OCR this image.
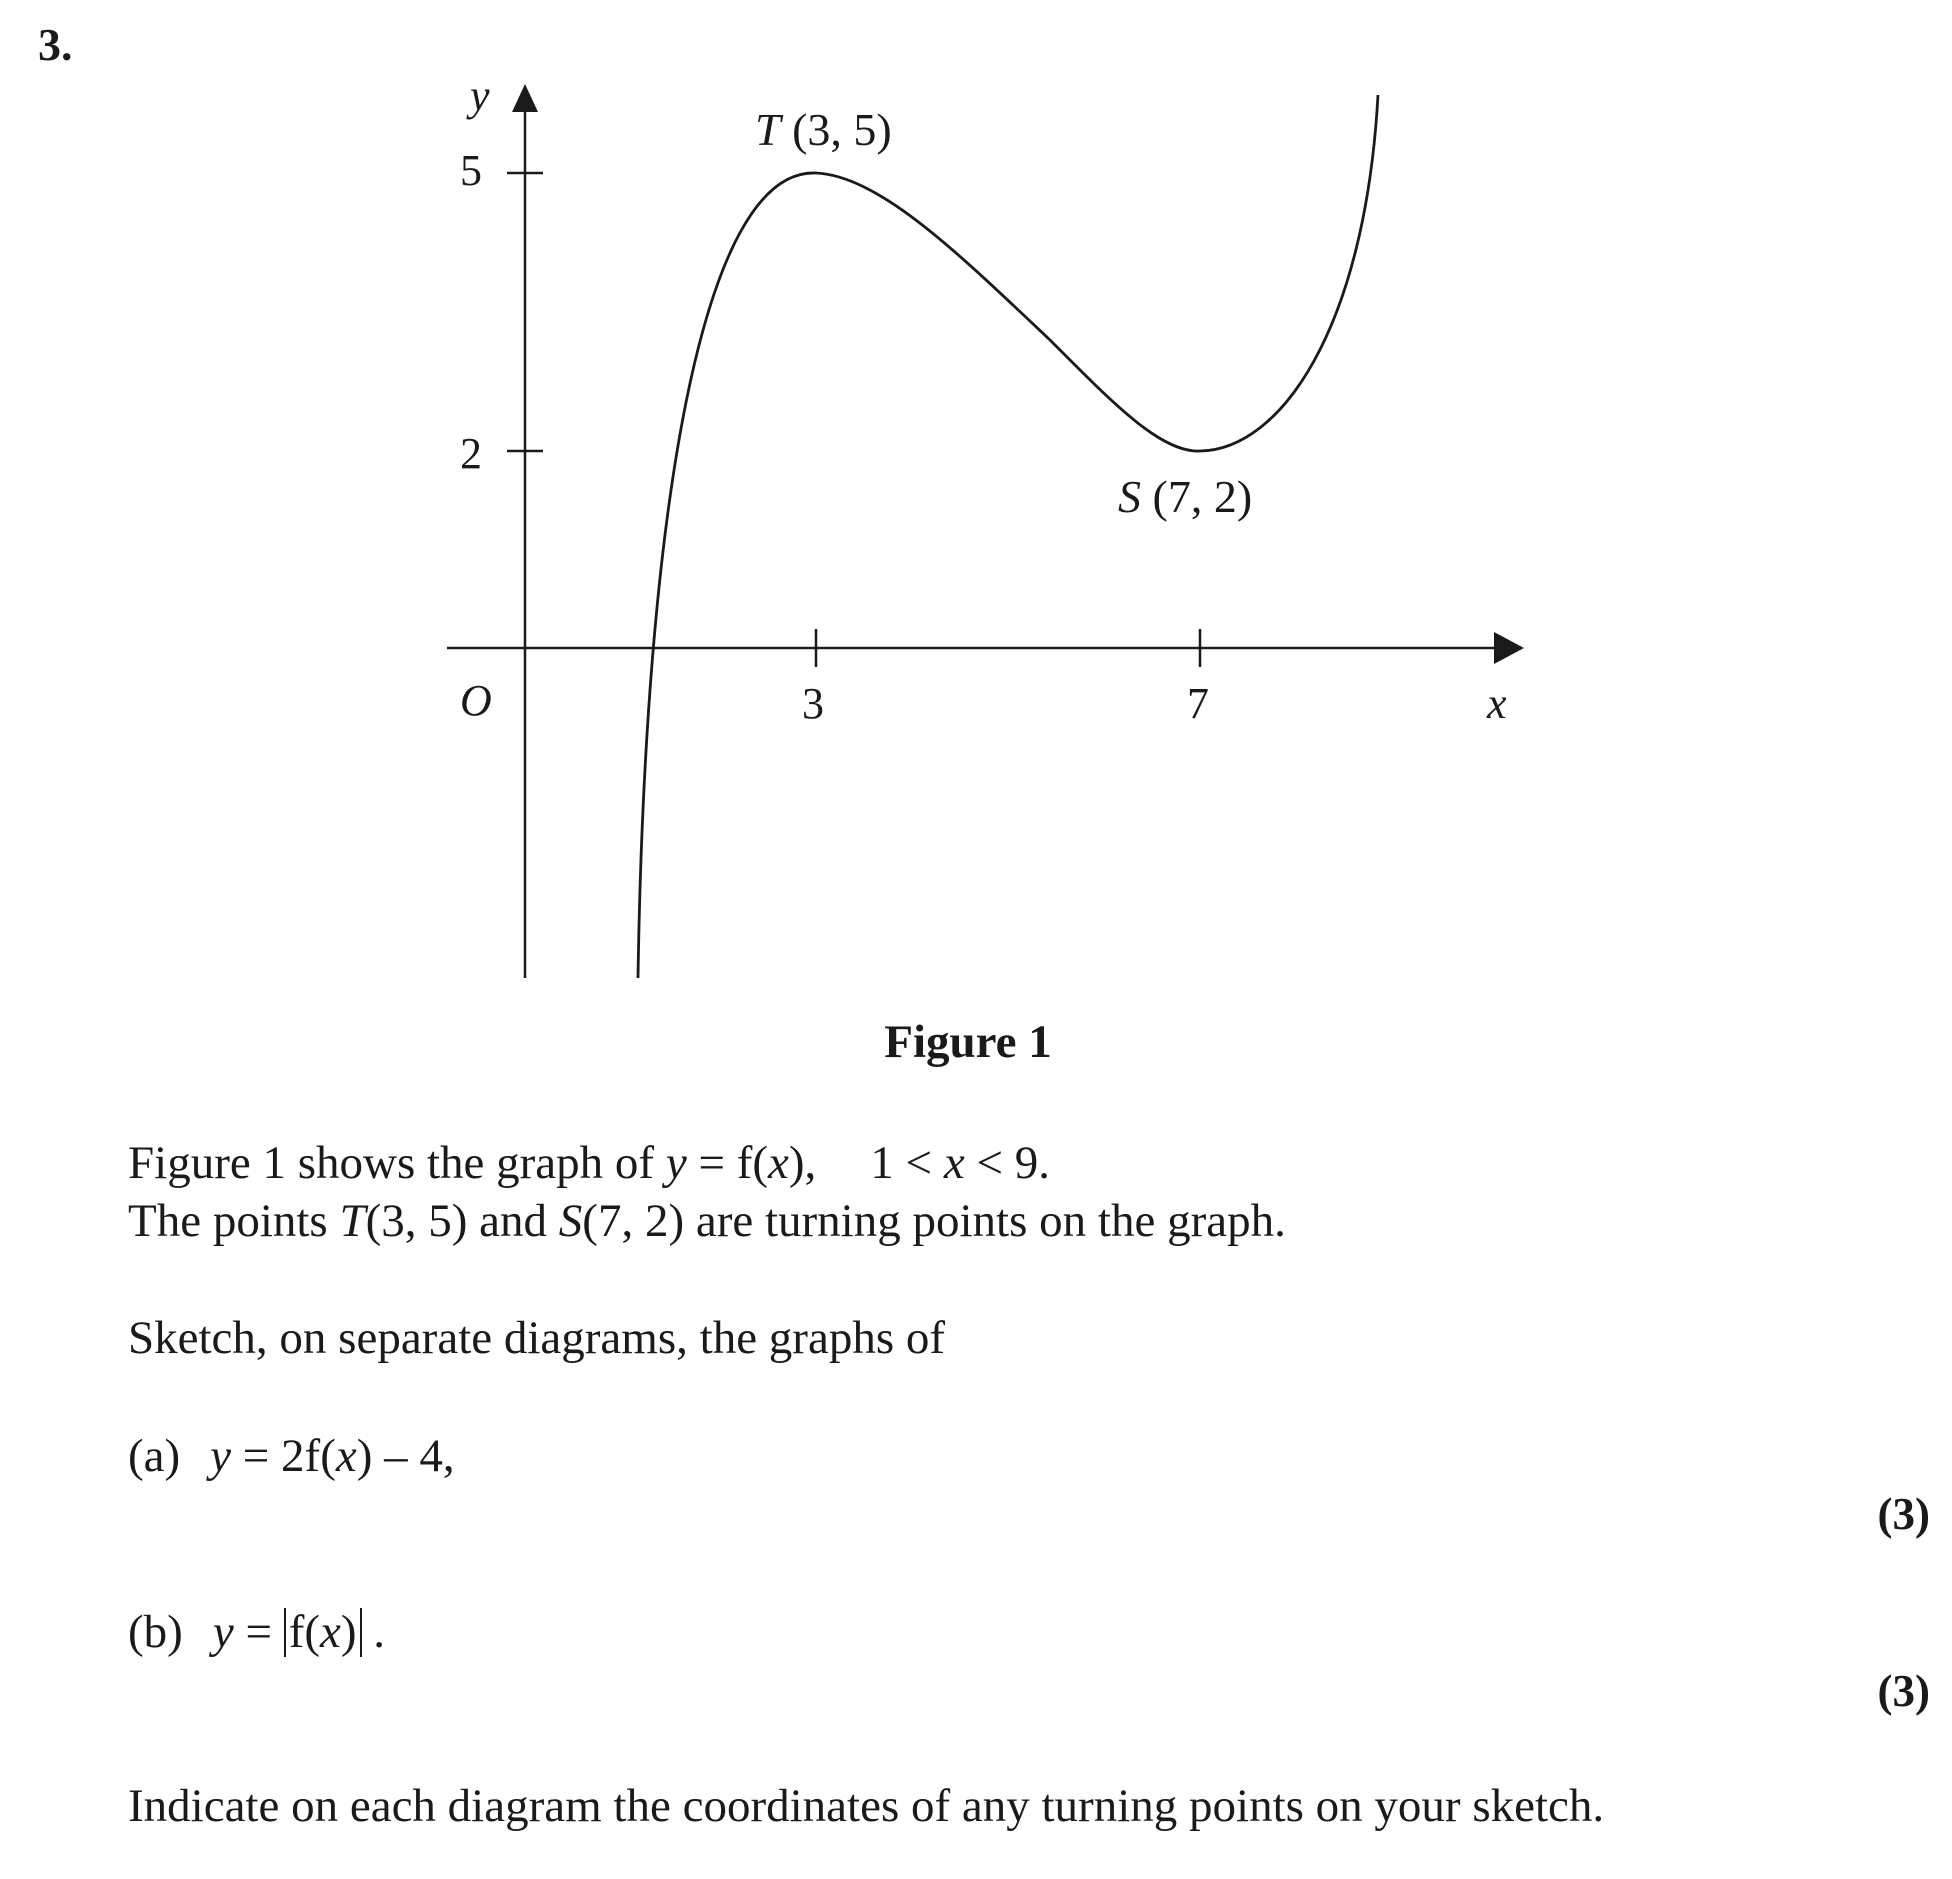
3.
y
5
2
O	3	7	x
T (3, 5)
S (7, 2)
Figure 1
Figure 1 shows the graph of y = f(x), 1 < x < 9.
The points T(3, 5) and S(7, 2) are turning points on the graph.
Sketch, on separate diagrams, the graphs of
(a) y = 2f(x) – 4,
(3)
(b) y = f(x) .
(3)
Indicate on each diagram the coordinates of any turning points on your sketch.
